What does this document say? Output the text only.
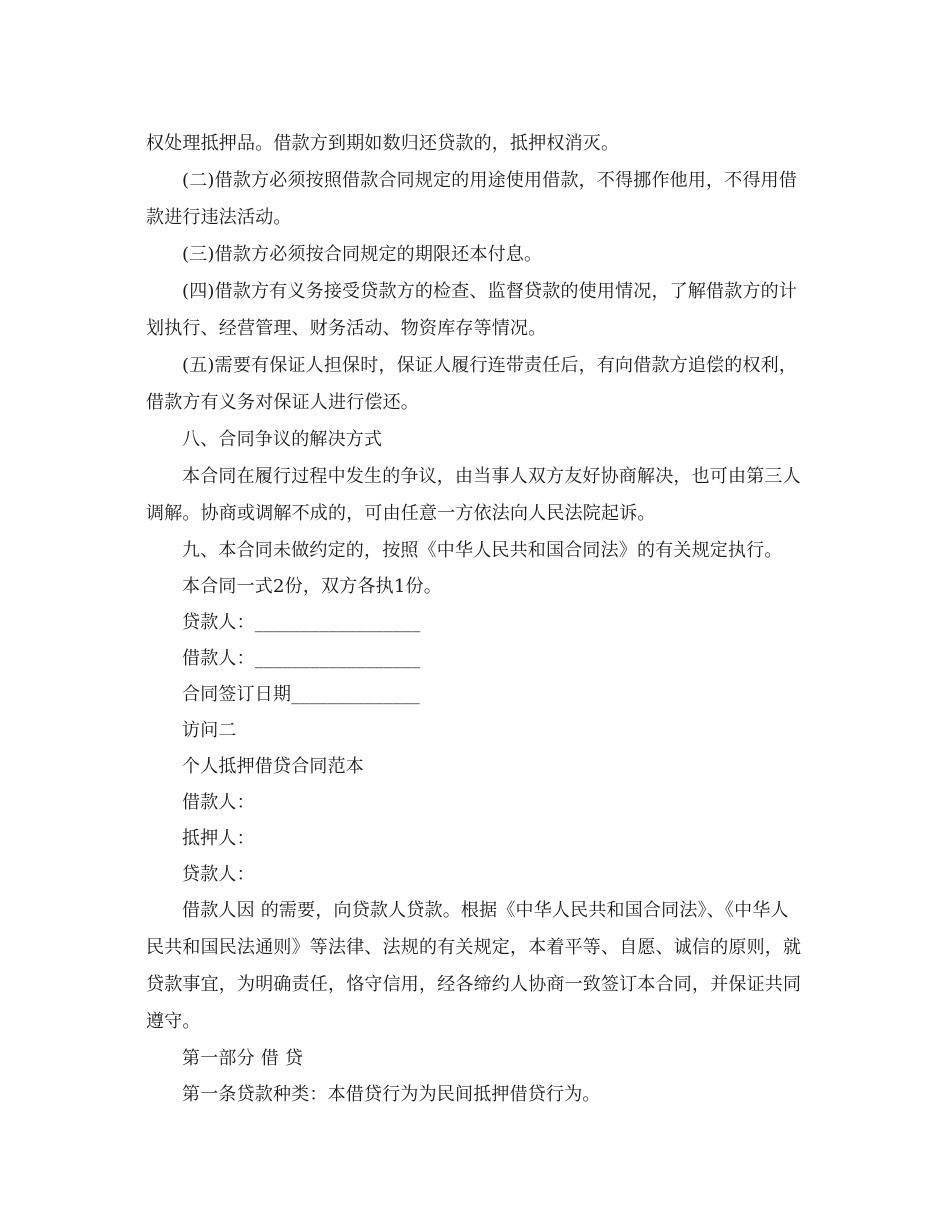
权处理抵押品。借款方到期如数归还贷款的，抵押权消灭。

(二)借款方必须按照借款合同规定的用途使用借款，不得挪作他用，不得用借款进行违法活动。

(三)借款方必须按合同规定的期限还本付息。

(四)借款方有义务接受贷款方的检查、监督贷款的使用情况，了解借款方的计划执行、经营管理、财务活动、物资库存等情况。

(五)需要有保证人担保时，保证人履行连带责任后，有向借款方追偿的权利，借款方有义务对保证人进行偿还。

八、合同争议的解决方式

本合同在履行过程中发生的争议，由当事人双方友好协商解决，也可由第三人调解。协商或调解不成的，可由任意一方依法向人民法院起诉。

九、本合同未做约定的，按照《中华人民共和国合同法》的有关规定执行。

本合同一式2份，双方各执1份。

贷款人：__________________

借款人：__________________

合同签订日期______________

访问二

个人抵押借贷合同范本

借款人：

抵押人：

贷款人：

借款人因 的需要，向贷款人贷款。根据《中华人民共和国合同法》、《中华人民共和国民法通则》等法律、法规的有关规定，本着平等、自愿、诚信的原则，就贷款事宜，为明确责任，恪守信用，经各缔约人协商一致签订本合同，并保证共同遵守。

第一部分 借 贷

第一条贷款种类：本借贷行为为民间抵押借贷行为。
